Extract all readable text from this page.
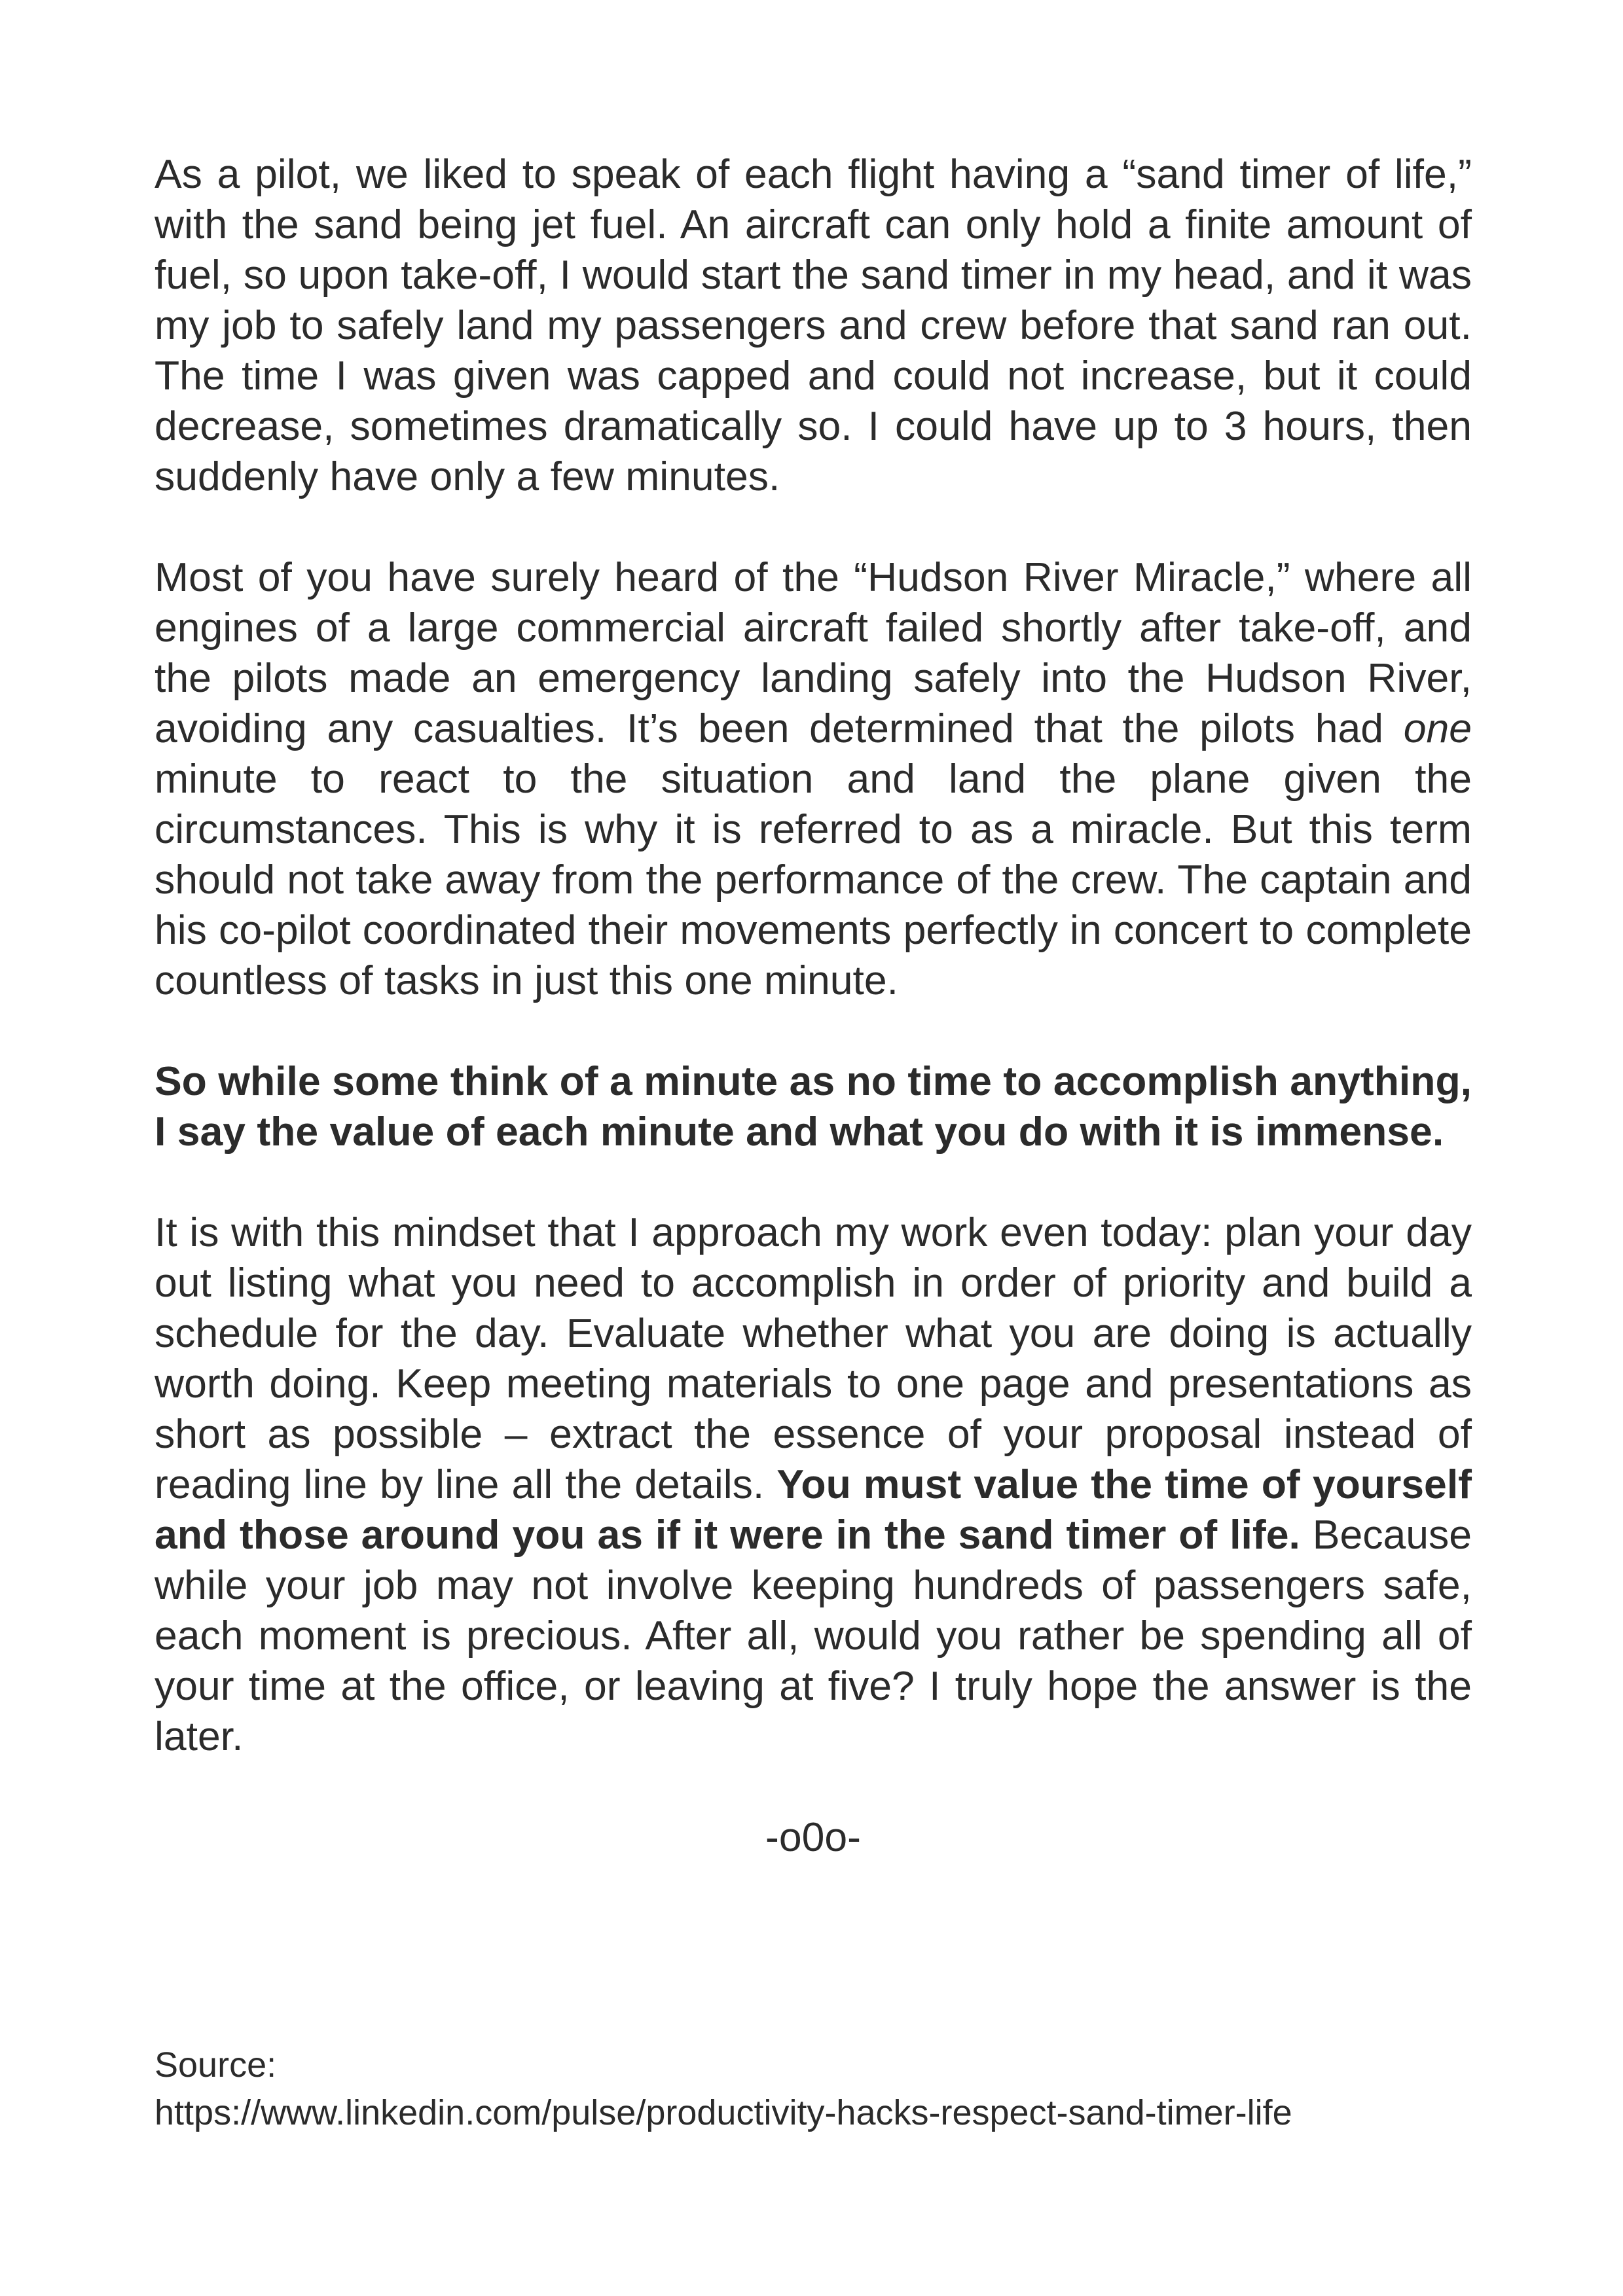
As a pilot, we liked to speak of each flight having a “sand timer of life,” with the sand being jet fuel. An aircraft can only hold a finite amount of fuel, so upon take-off, I would start the sand timer in my head, and it was my job to safely land my passengers and crew before that sand ran out. The time I was given was capped and could not increase, but it could decrease, sometimes dramatically so. I could have up to 3 hours, then suddenly have only a few minutes.

Most of you have surely heard of the “Hudson River Miracle,” where all engines of a large commercial aircraft failed shortly after take-off, and the pilots made an emergency landing safely into the Hudson River, avoiding any casualties. It’s been determined that the pilots had one minute to react to the situation and land the plane given the circumstances. This is why it is referred to as a miracle. But this term should not take away from the performance of the crew. The captain and his co-pilot coordinated their movements perfectly in concert to complete countless of tasks in just this one minute.

So while some think of a minute as no time to accomplish anything, I say the value of each minute and what you do with it is immense.

It is with this mindset that I approach my work even today: plan your day out listing what you need to accomplish in order of priority and build a schedule for the day. Evaluate whether what you are doing is actually worth doing. Keep meeting materials to one page and presentations as short as possible – extract the essence of your proposal instead of reading line by line all the details. You must value the time of yourself and those around you as if it were in the sand timer of life. Because while your job may not involve keeping hundreds of passengers safe, each moment is precious. After all, would you rather be spending all of your time at the office, or leaving at five? I truly hope the answer is the later.

-o0o-

Source:
https://www.linkedin.com/pulse/productivity-hacks-respect-sand-timer-life
